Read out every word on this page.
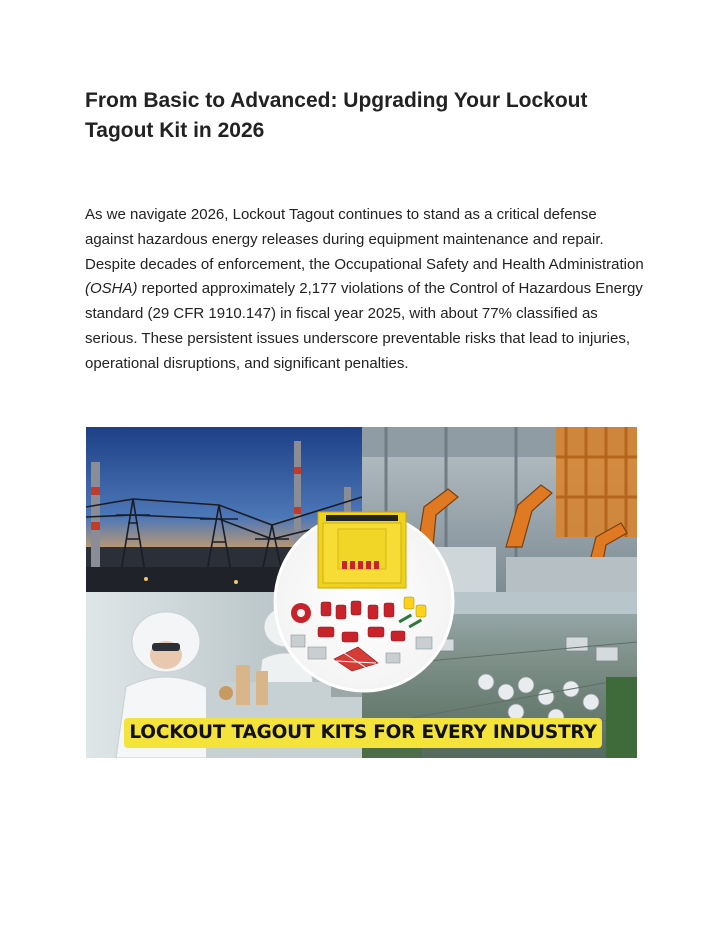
From Basic to Advanced: Upgrading Your Lockout Tagout Kit in 2026

As we navigate 2026, Lockout Tagout continues to stand as a critical defense against hazardous energy releases during equipment maintenance and repair. Despite decades of enforcement, the Occupational Safety and Health Administration (OSHA) reported approximately 2,177 violations of the Control of Hazardous Energy standard (29 CFR 1910.147) in fiscal year 2025, with about 77% classified as serious. These persistent issues underscore preventable risks that lead to injuries, operational disruptions, and significant penalties.

LOCKOUT TAGOUT KITS FOR EVERY INDUSTRY
